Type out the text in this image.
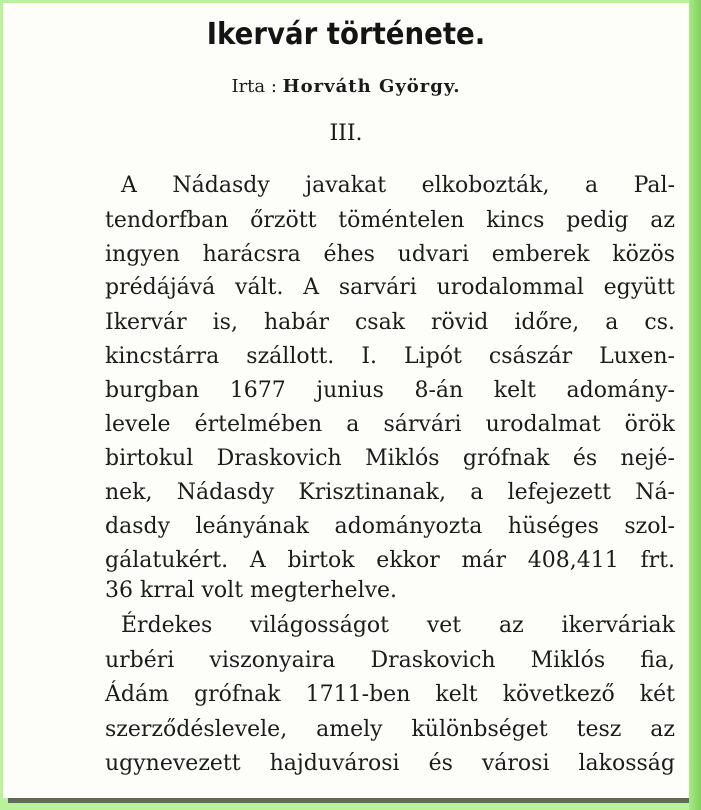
Ikervár története.
Irta : Horváth György.
III.
A Nádasdy javakat elkobozták, a Pal-
tendorfban őrzött töméntelen kincs pedig az
ingyen harácsra éhes udvari emberek közös
prédájává vált. A sarvári urodalommal együtt
Ikervár is, habár csak rövid időre, a cs.
kincstárra szállott. I. Lipót császár Luxen-
burgban 1677 junius 8-án kelt adomány-
levele értelmében a sárvári urodalmat örök
birtokul Draskovich Miklós grófnak és nejé-
nek, Nádasdy Krisztinanak, a lefejezett Ná-
dasdy leányának adományozta hüséges szol-
gálatukért. A birtok ekkor már 408,411 frt.
36 krral volt megterhelve.
Érdekes világosságot vet az ikerváriak
urbéri viszonyaira Draskovich Miklós fia,
Ádám grófnak 1711-ben kelt következő két
szerződéslevele, amely különbséget tesz az
ugynevezett hajduvárosi és városi lakosság
